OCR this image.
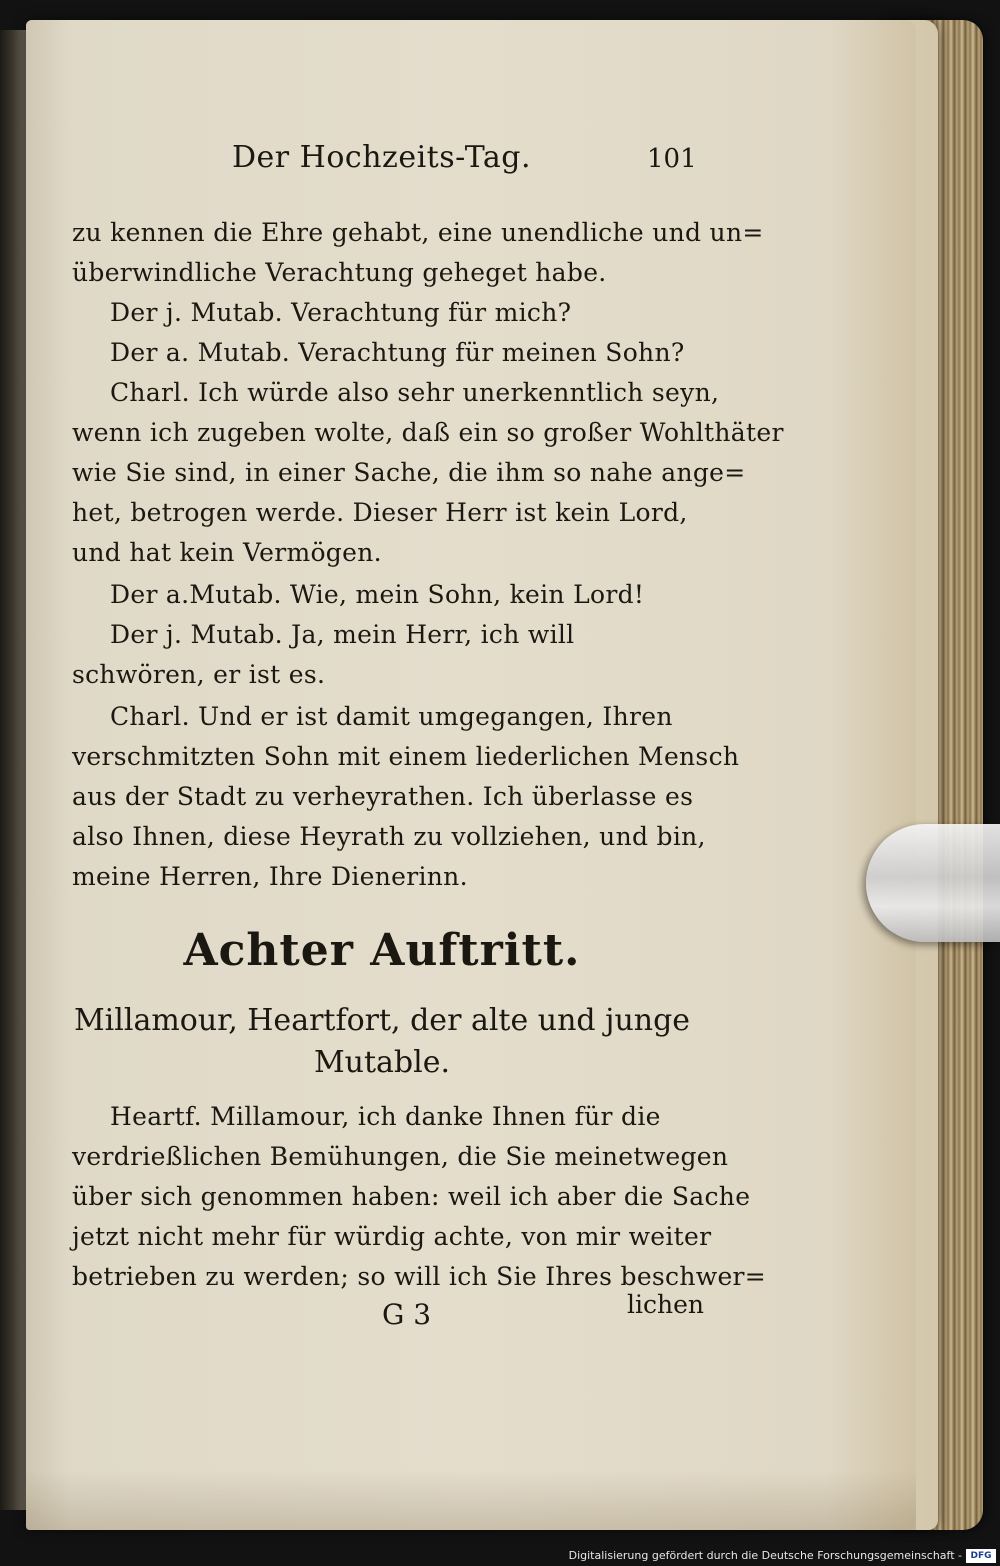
Der Hochzeits-Tag.	101
zu kennen die Ehre gehabt, eine unendliche und un=
überwindliche Verachtung geheget habe.
Der j. Mutab. Verachtung für mich?
Der a. Mutab. Verachtung für meinen Sohn?
Charl. Ich würde also sehr unerkenntlich seyn,
wenn ich zugeben wolte, daß ein so großer Wohlthäter
wie Sie sind, in einer Sache, die ihm so nahe ange=
het, betrogen werde. Dieser Herr ist kein Lord,
und hat kein Vermögen.
Der a.Mutab. Wie, mein Sohn, kein Lord!
Der j. Mutab. Ja, mein Herr, ich will
schwören, er ist es.
Charl. Und er ist damit umgegangen, Ihren
verschmitzten Sohn mit einem liederlichen Mensch
aus der Stadt zu verheyrathen. Ich überlasse es
also Ihnen, diese Heyrath zu vollziehen, und bin,
meine Herren, Ihre Dienerinn.
Achter Auftritt.
Millamour, Heartfort, der alte und junge
Mutable.
Heartf. Millamour, ich danke Ihnen für die
verdrießlichen Bemühungen, die Sie meinetwegen
über sich genommen haben: weil ich aber die Sache
jetzt nicht mehr für würdig achte, von mir weiter
betrieben zu werden; so will ich Sie Ihres beschwer=
G 3	lichen
Digitalisierung gefördert durch die Deutsche Forschungsgemeinschaft - DFG
